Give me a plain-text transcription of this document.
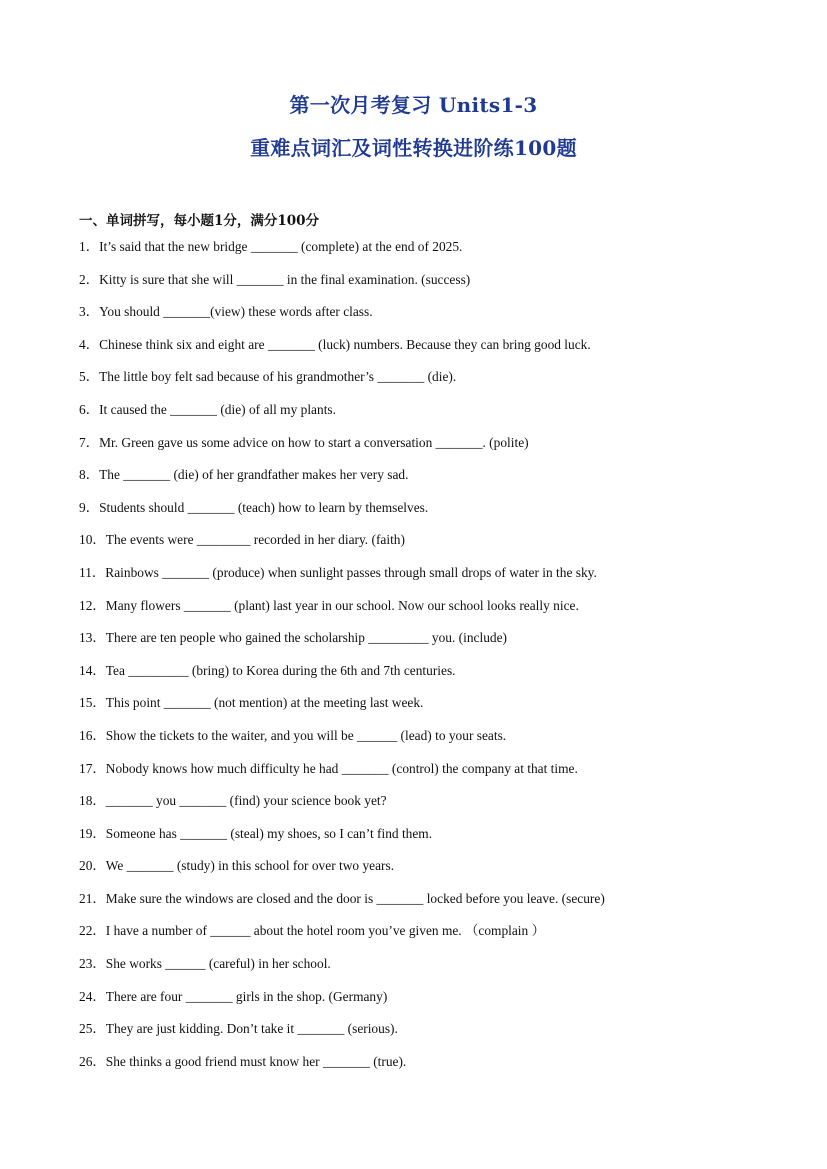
第一次月考复习 Units1-3
重难点词汇及词性转换进阶练100题
一、单词拼写，每小题1分，满分100分
1．It’s said that the new bridge _______ (complete) at the end of 2025.
2．Kitty is sure that she will _______ in the final examination. (success)
3．You should _______(view) these words after class.
4．Chinese think six and eight are _______ (luck) numbers. Because they can bring good luck.
5．The little boy felt sad because of his grandmother’s _______ (die).
6．It caused the _______ (die) of all my plants.
7．Mr. Green gave us some advice on how to start a conversation _______. (polite)
8．The _______ (die) of her grandfather makes her very sad.
9．Students should _______ (teach) how to learn by themselves.
10．The events were ________ recorded in her diary. (faith)
11．Rainbows _______ (produce) when sunlight passes through small drops of water in the sky.
12．Many flowers _______ (plant) last year in our school. Now our school looks really nice.
13．There are ten people who gained the scholarship _________ you. (include)
14．Tea _________ (bring) to Korea during the 6th and 7th centuries.
15．This point _______ (not mention) at the meeting last week.
16．Show the tickets to the waiter, and you will be ______ (lead) to your seats.
17．Nobody knows how much difficulty he had _______ (control) the company at that time.
18．_______ you _______ (find) your science book yet?
19．Someone has _______ (steal) my shoes, so I can’t find them.
20．We _______ (study) in this school for over two years.
21．Make sure the windows are closed and the door is _______ locked before you leave. (secure)
22．I have a number of ______ about the hotel room you’ve given me. （complain ）
23．She works ______ (careful) in her school.
24．There are four _______ girls in the shop. (Germany)
25．They are just kidding. Don’t take it _______ (serious).
26．She thinks a good friend must know her _______ (true).
